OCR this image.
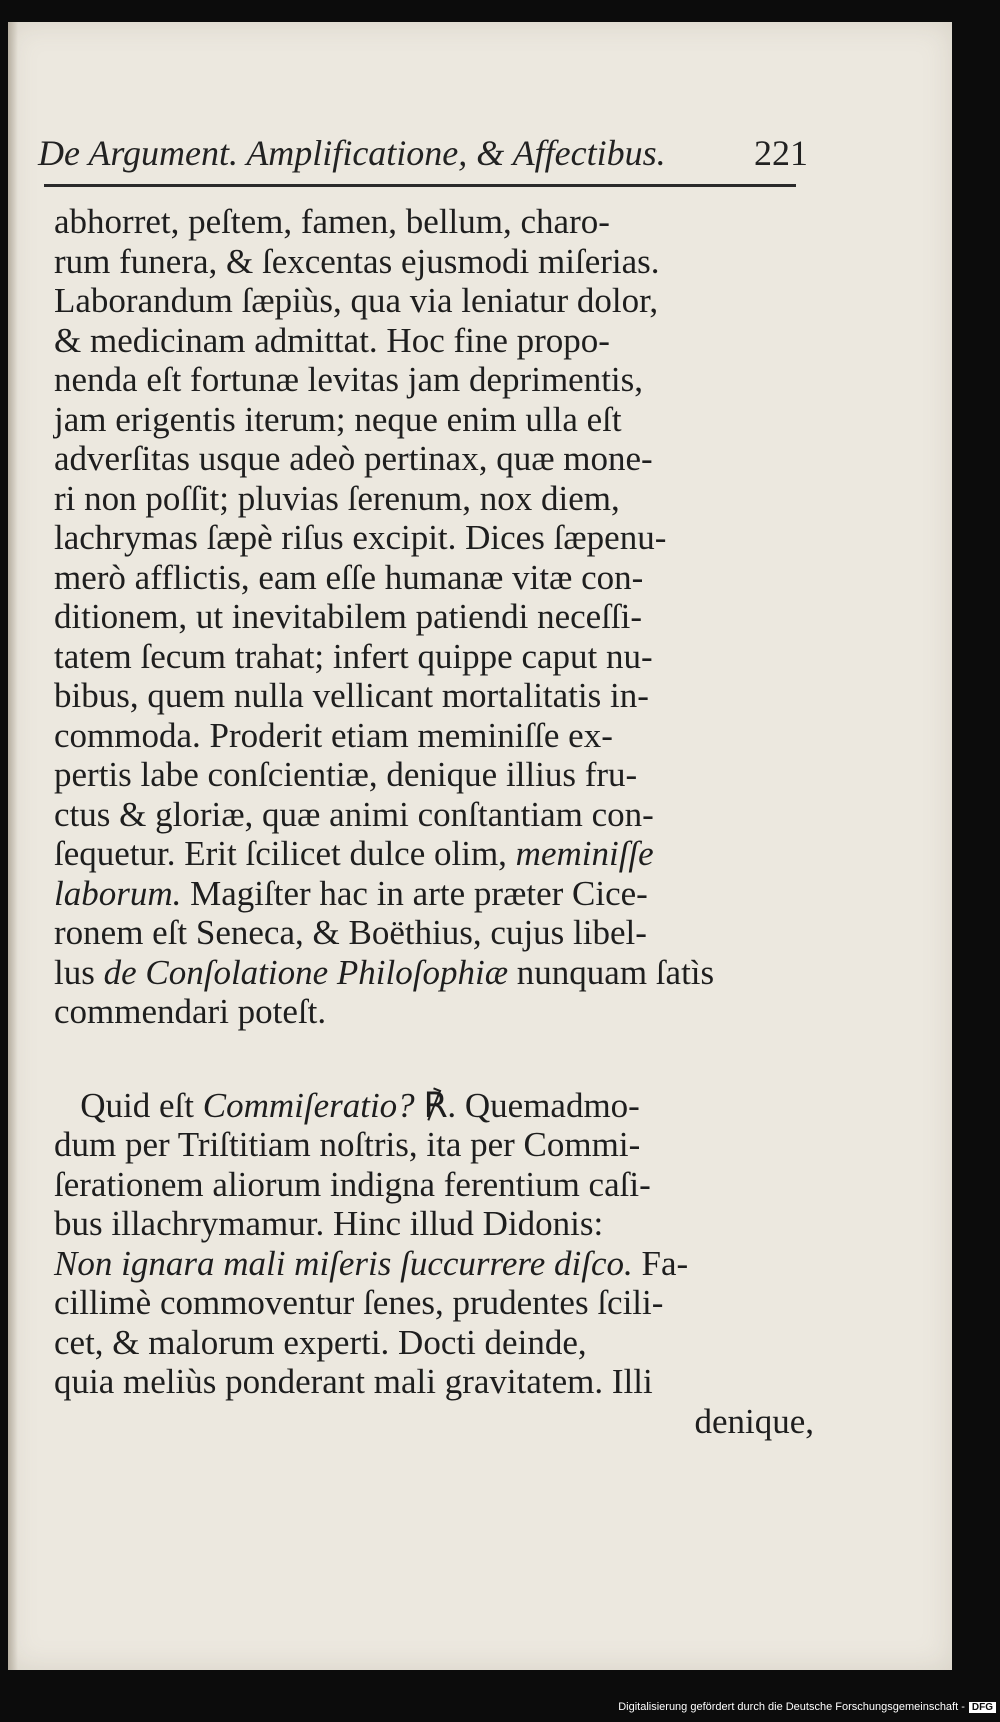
De Argument. Amplificatione, & Affectibus. 221
abhorret, peſtem, famen, bellum, charo-
rum funera, & ſexcentas ejusmodi miſerias.
Laborandum ſæpiùs, qua via leniatur dolor,
& medicinam admittat. Hoc fine propo-
nenda eſt fortunæ levitas jam deprimentis,
jam erigentis iterum; neque enim ulla eſt
adverſitas usque adeò pertinax, quæ mone-
ri non poſſit; pluvias ſerenum, nox diem,
lachrymas ſæpè riſus excipit. Dices ſæpenu-
merò afflictis, eam eſſe humanæ vitæ con-
ditionem, ut inevitabilem patiendi neceſſi-
tatem ſecum trahat; infert quippe caput nu-
bibus, quem nulla vellicant mortalitatis in-
commoda. Proderit etiam meminiſſe ex-
pertis labe conſcientiæ, denique illius fru-
ctus & gloriæ, quæ animi conſtantiam con-
ſequetur. Erit ſcilicet dulce olim, meminiſſe
laborum. Magiſter hac in arte præter Cice-
ronem eſt Seneca, & Boëthius, cujus libel-
lus de Conſolatione Philoſophiæ nunquam ſatìs
commendari poteſt.
Quid eſt Commiſeratio? ℟. Quemadmo-
dum per Triſtitiam noſtris, ita per Commi-
ſerationem aliorum indigna ferentium caſi-
bus illachrymamur. Hinc illud Didonis:
Non ignara mali miſeris ſuccurrere diſco. Fa-
cillimè commoventur ſenes, prudentes ſcili-
cet, & malorum experti. Docti deinde,
quia meliùs ponderant mali gravitatem. Illi
denique,
Digitalisierung gefördert durch die Deutsche Forschungsgemeinschaft - DFG
